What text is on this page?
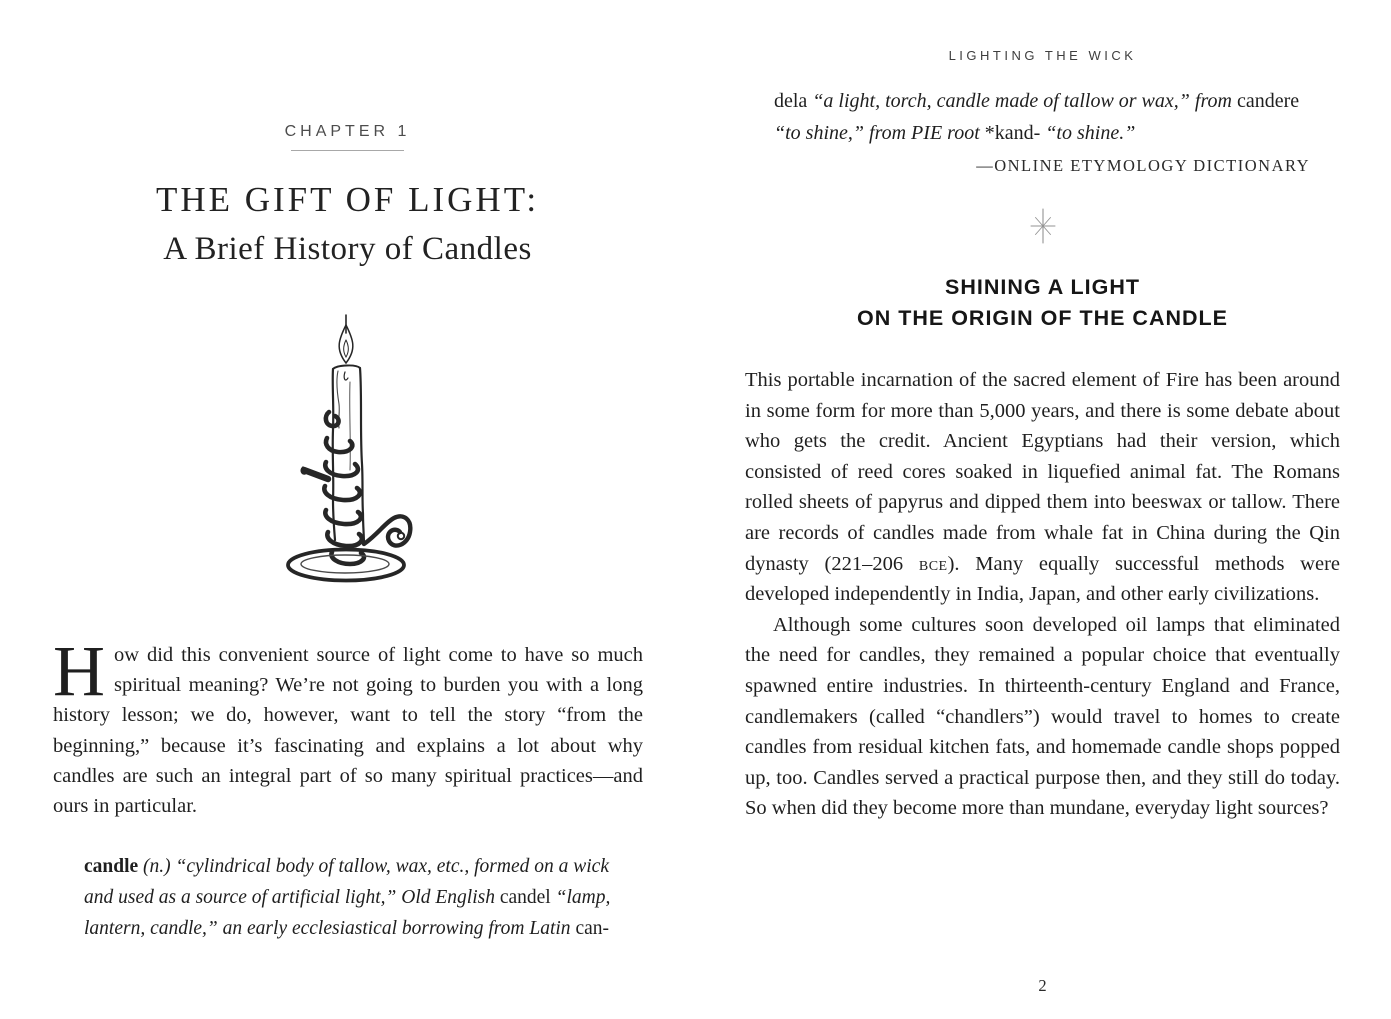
CHAPTER 1
THE GIFT OF LIGHT:
A Brief History of Candles
How did this convenient source of light come to have so much spiritual meaning? We’re not going to burden you with a long history lesson; we do, however, want to tell the story “from the beginning,” because it’s fascinating and explains a lot about why candles are such an integral part of so many spiritual practices—and ours in particular.
candle (n.) “cylindrical body of tallow, wax, etc., formed on a wick and used as a source of artificial light,” Old English candel “lamp, lantern, candle,” an early ecclesiastical borrowing from Latin can-
LIGHTING THE WICK
dela “a light, torch, candle made of tallow or wax,” from candere “to shine,” from PIE root *kand- “to shine.”
—ONLINE ETYMOLOGY DICTIONARY
SHINING A LIGHT
ON THE ORIGIN OF THE CANDLE

This portable incarnation of the sacred element of Fire has been around in some form for more than 5,000 years, and there is some debate about who gets the credit. Ancient Egyptians had their version, which consisted of reed cores soaked in liquefied animal fat. The Romans rolled sheets of papyrus and dipped them into beeswax or tallow. There are records of candles made from whale fat in China during the Qin dynasty (221–206 bce). Many equally successful methods were developed independently in India, Japan, and other early civilizations.

Although some cultures soon developed oil lamps that eliminated the need for candles, they remained a popular choice that eventually spawned entire industries. In thirteenth-century England and France, candlemakers (called “chandlers”) would travel to homes to create candles from residual kitchen fats, and homemade candle shops popped up, too. Candles served a practical purpose then, and they still do today. So when did they become more than mundane, everyday light sources?

2
